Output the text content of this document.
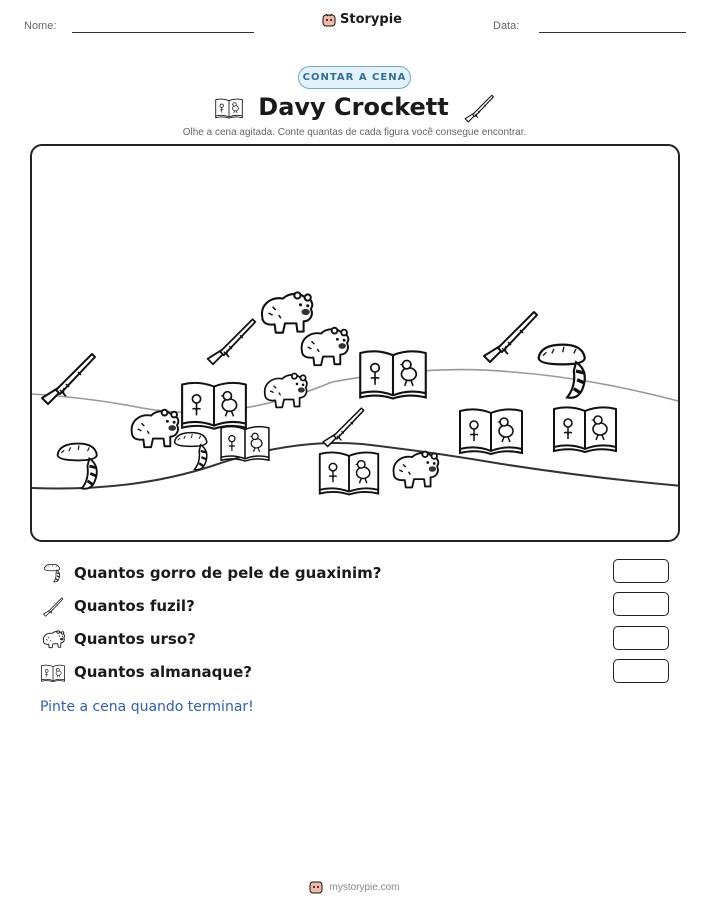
Nome:	Storypie	Data:
CONTAR A CENA
Davy Crockett
Olhe a cena agitada. Conte quantas de cada figura você consegue encontrar.
Quantos gorro de pele de guaxinim?
Quantos fuzil?
Quantos urso?
Quantos almanaque?
Pinte a cena quando terminar!
mystorypie.com
